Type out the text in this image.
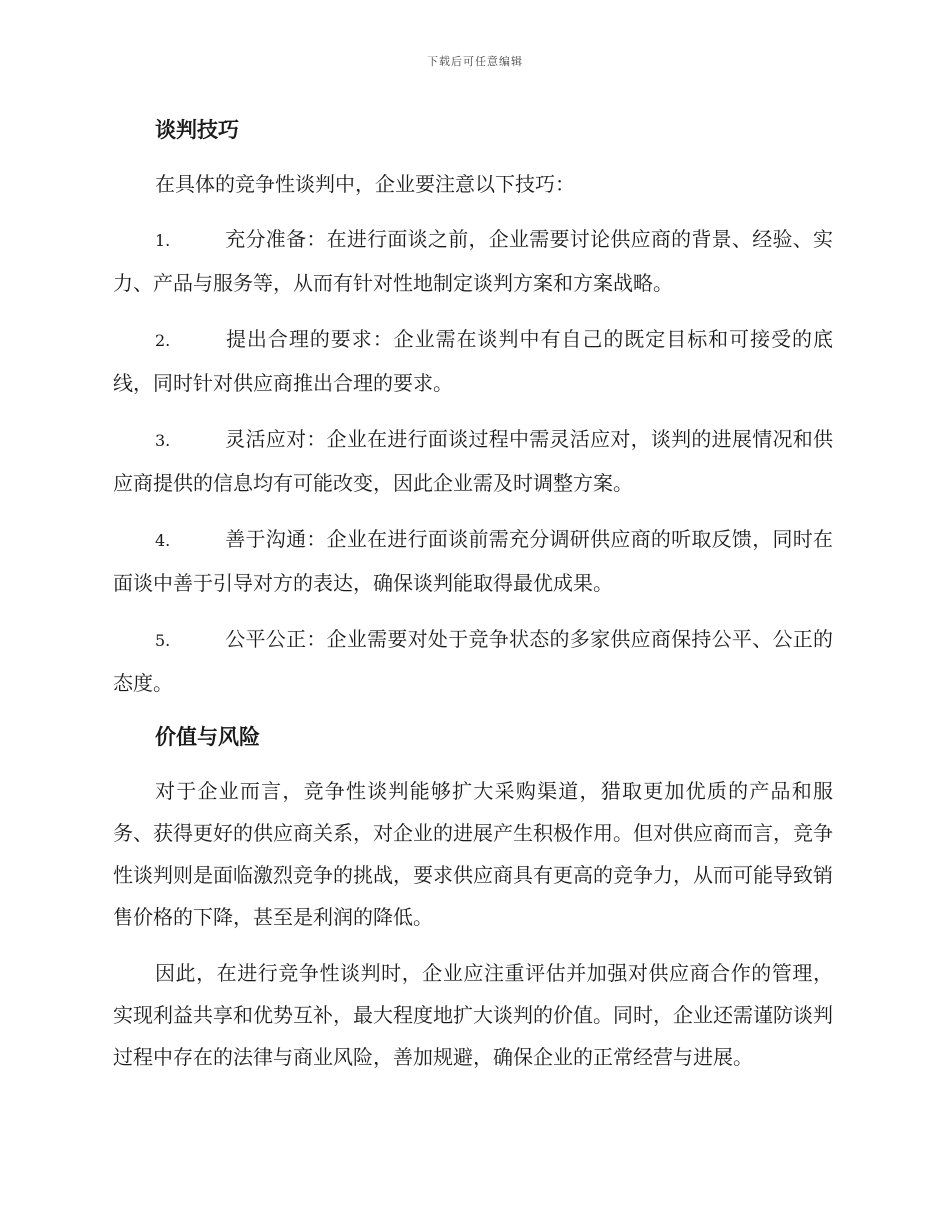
下载后可任意编辑
谈判技巧

在具体的竞争性谈判中，企业要注意以下技巧：

1.	充分准备：在进行面谈之前，企业需要讨论供应商的背景、经验、实力、产品与服务等，从而有针对性地制定谈判方案和方案战略。
2.	提出合理的要求：企业需在谈判中有自己的既定目标和可接受的底线，同时针对供应商推出合理的要求。
3.	灵活应对：企业在进行面谈过程中需灵活应对，谈判的进展情况和供应商提供的信息均有可能改变，因此企业需及时调整方案。
4.	善于沟通：企业在进行面谈前需充分调研供应商的听取反馈，同时在面谈中善于引导对方的表达，确保谈判能取得最优成果。
5.	公平公正：企业需要对处于竞争状态的多家供应商保持公平、公正的态度。
价值与风险

对于企业而言，竞争性谈判能够扩大采购渠道，猎取更加优质的产品和服务、获得更好的供应商关系，对企业的进展产生积极作用。但对供应商而言，竞争性谈判则是面临激烈竞争的挑战，要求供应商具有更高的竞争力，从而可能导致销售价格的下降，甚至是利润的降低。

因此，在进行竞争性谈判时，企业应注重评估并加强对供应商合作的管理，实现利益共享和优势互补，最大程度地扩大谈判的价值。同时，企业还需谨防谈判过程中存在的法律与商业风险，善加规避，确保企业的正常经营与进展。
